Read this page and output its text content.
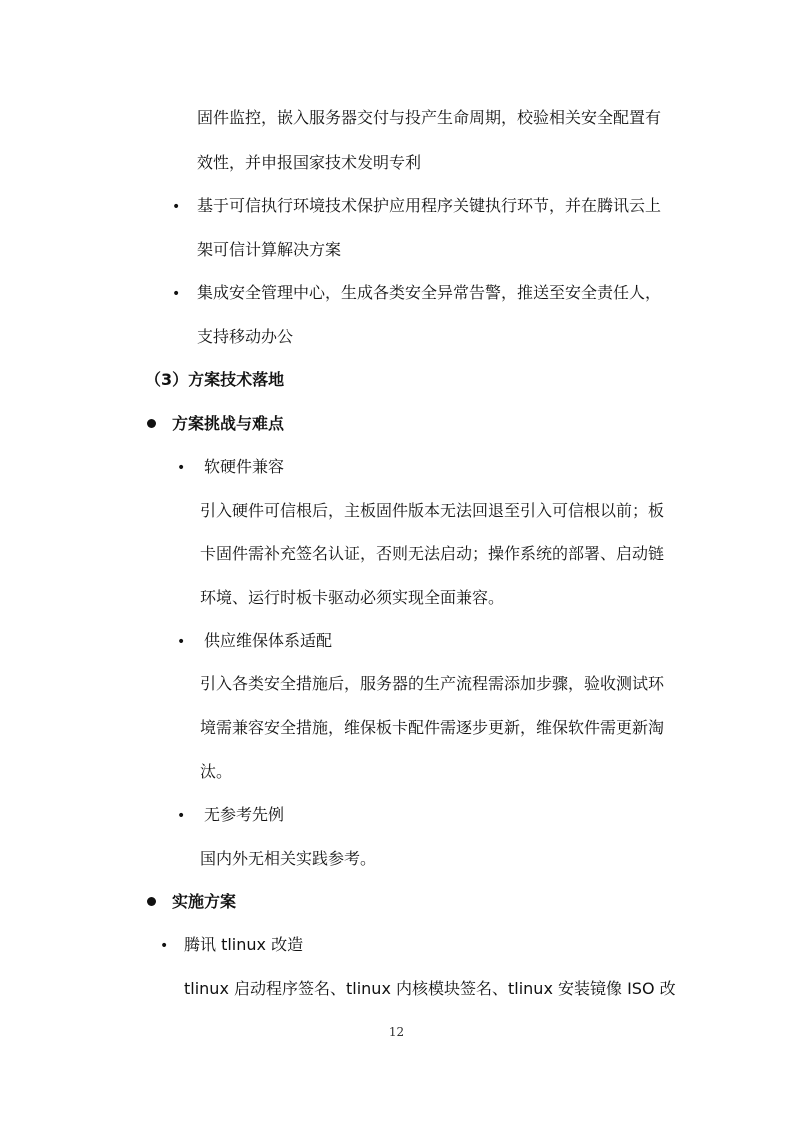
固件监控，嵌入服务器交付与投产生命周期，校验相关安全配置有
效性，并申报国家技术发明专利
• 基于可信执行环境技术保护应用程序关键执行环节，并在腾讯云上
架可信计算解决方案
• 集成安全管理中心，生成各类安全异常告警，推送至安全责任人，
支持移动办公
（3）方案技术落地
方案挑战与难点
• 软硬件兼容
引入硬件可信根后，主板固件版本无法回退至引入可信根以前；板
卡固件需补充签名认证，否则无法启动；操作系统的部署、启动链
环境、运行时板卡驱动必须实现全面兼容。
• 供应维保体系适配
引入各类安全措施后，服务器的生产流程需添加步骤，验收测试环
境需兼容安全措施，维保板卡配件需逐步更新，维保软件需更新淘
汰。
• 无参考先例
国内外无相关实践参考。
实施方案
• 腾讯 tlinux 改造
tlinux 启动程序签名、tlinux 内核模块签名、tlinux 安装镜像 ISO 改
12
